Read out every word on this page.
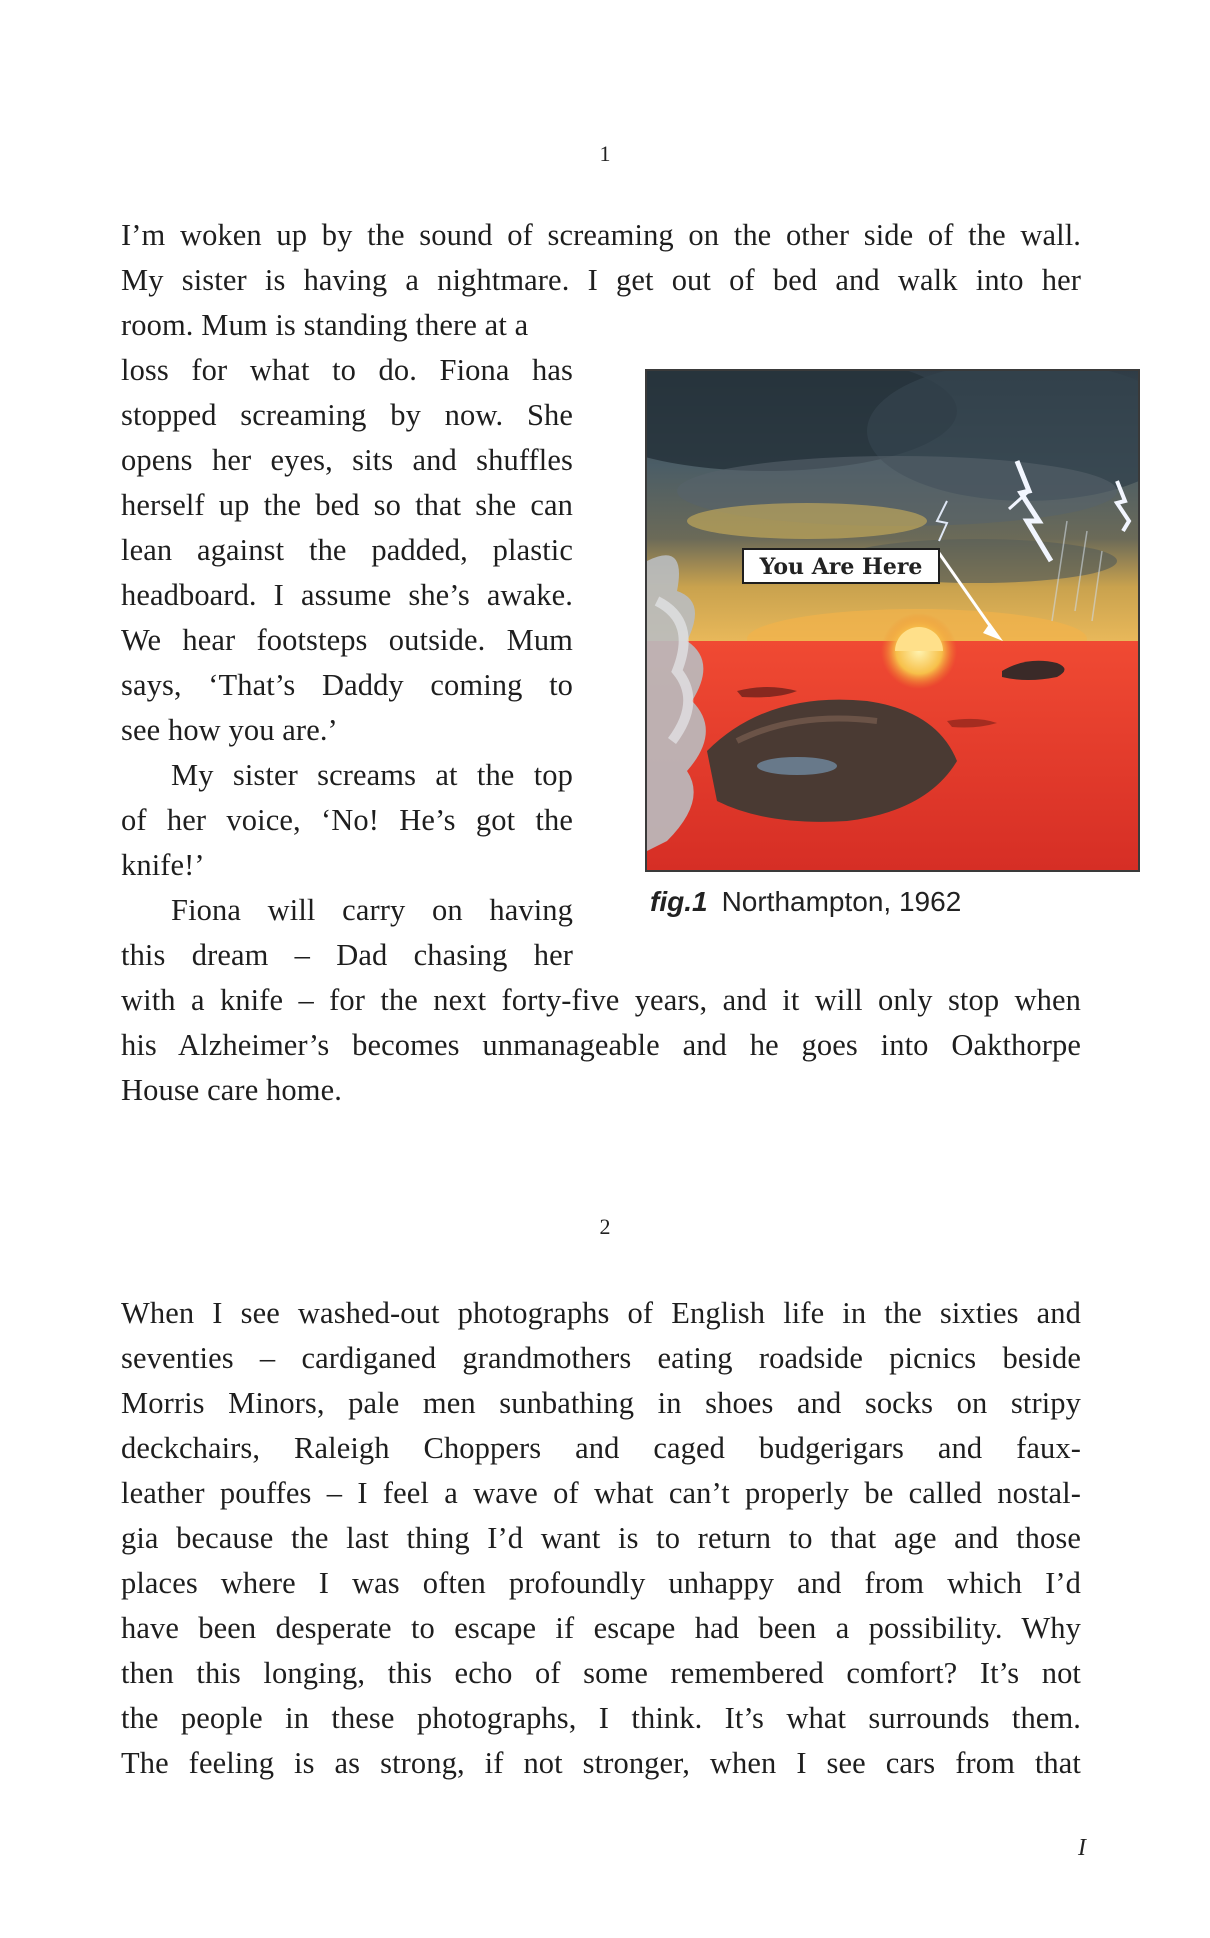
1
I’m woken up by the sound of screaming on the other side of the wall.
My sister is having a nightmare. I get out of bed and walk into her
room. Mum is standing there at a
loss for what to do. Fiona has
stopped screaming by now. She
opens her eyes, sits and shuffles
herself up the bed so that she can
lean against the padded, plastic
headboard. I assume she’s awake.
We hear footsteps outside. Mum
says, ‘That’s Daddy coming to
see how you are.’
My sister screams at the top
of her voice, ‘No! He’s got the
knife!’
Fiona will carry on having
this dream – Dad chasing her
with a knife – for the next forty-five years, and it will only stop when
his Alzheimer’s becomes unmanageable and he goes into Oakthorpe
House care home.
You Are Here
fig.1 Northampton, 1962
2
When I see washed-out photographs of English life in the sixties and
seventies – cardiganed grandmothers eating roadside picnics beside
Morris Minors, pale men sunbathing in shoes and socks on stripy
deckchairs, Raleigh Choppers and caged budgerigars and faux-
leather pouffes – I feel a wave of what can’t properly be called nostal-
gia because the last thing I’d want is to return to that age and those
places where I was often profoundly unhappy and from which I’d
have been desperate to escape if escape had been a possibility. Why
then this longing, this echo of some remembered comfort? It’s not
the people in these photographs, I think. It’s what surrounds them.
The feeling is as strong, if not stronger, when I see cars from that
I
